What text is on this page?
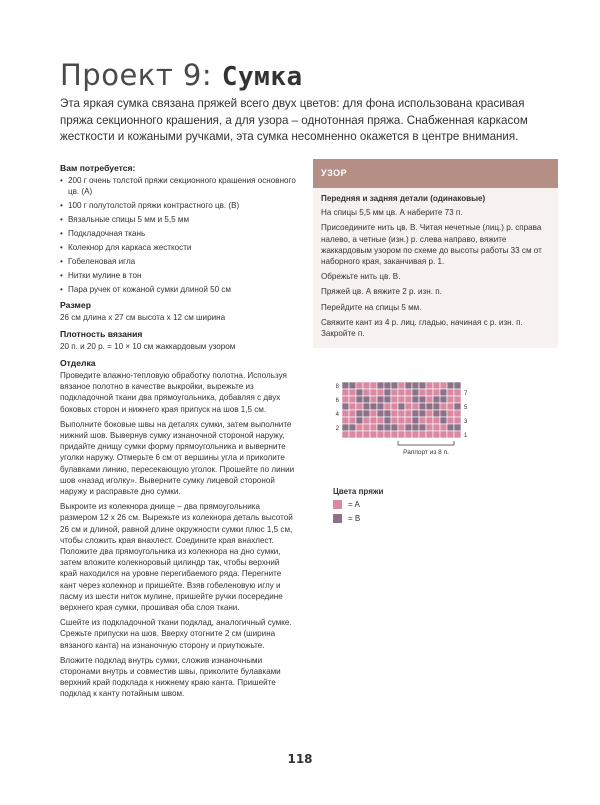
Проект 9: Сумка

Эта яркая сумка связана пряжей всего двух цветов: для фона использована красивая пряжа секционного крашения, а для узора – однотонная пряжа. Снабженная каркасом жесткости и кожаными ручками, эта сумка несомненно окажется в центре внимания.

Вам потребуется:

• 200 г очень толстой пряжи секционного крашения основного цв. (A)
• 100 г полутолстой пряжи контрастного цв. (B)
• Вязальные спицы 5 мм и 5,5 мм
• Подкладочная ткань
• Колекнор для каркаса жесткости
• Гобеленовая игла
• Нитки мулине в тон
• Пара ручек от кожаной сумки длиной 50 см

Размер

26 см длина x 27 см высота x 12 см ширина

Плотность вязания

20 п. и 20 р. = 10 × 10 см жаккардовым узором

Отделка

Проведите влажно-тепловую обработку полотна. Используя вязаное полотно в качестве выкройки, вырежьте из подкладочной ткани два прямоугольника, добавляя с двух боковых сторон и нижнего края припуск на шов 1,5 см.

Выполните боковые швы на деталях сумки, затем выполните нижний шов. Вывернув сумку изнаночной стороной наружу, придайте днищу сумки форму прямоугольника и выверните уголки наружу. Отмерьте 6 см от вершины угла и приколите булавками линию, пересекающую уголок. Прошейте по линии шов «назад иголку». Выверните сумку лицевой стороной наружу и расправьте дно сумки.

Выкроите из колекнора днище – два прямоугольника размером 12 x 26 см. Вырежьте из колекнора деталь высотой 26 см и длиной, равной длине окружности сумки плюс 1,5 см, чтобы сложить края внахлест. Соедините края внахлест. Положите два прямоугольника из колекнора на дно сумки, затем вложите колекноровый цилиндр так, чтобы верхний край находился на уровне перегибаемого ряда. Перегните кант через колекнор и пришейте. Взяв гобеленовую иглу и пасму из шести ниток мулине, пришейте ручки посередине верхнего края сумки, прошивая оба слоя ткани.

Сшейте из подкладочной ткани подклад, аналогичный сумке. Срежьте припуски на шов. Вверху отогните 2 см (ширина вязаного канта) на изнаночную сторону и приутюжьте.

Вложите подклад внутрь сумки, сложив изнаночными сторонами внутрь и совместив швы, приколите булавками верхний край подклада к нижнему краю канта. Пришейте подклад к канту потайным швом.

УЗОР

Передняя и задняя детали (одинаковые)

На спицы 5,5 мм цв. А наберите 73 п.

Присоедините нить цв. В. Читая нечетные (лиц.) р. справа налево, а четные (изн.) р. слева направо, вяжите жаккардовым узором по схеме до высоты работы 33 см от наборного края, заканчивая р. 1.

Обрежьте нить цв. В.

Пряжей цв. А вяжите 2 р. изн. п.

Перейдите на спицы 5 мм.

Свяжите кант из 4 р. лиц. гладью, начиная с р. изн. п. Закройте п.

8
6
4
2
7
5
3
1
Раппорт из 8 п.
Цвета пряжи
= A
= B
118
